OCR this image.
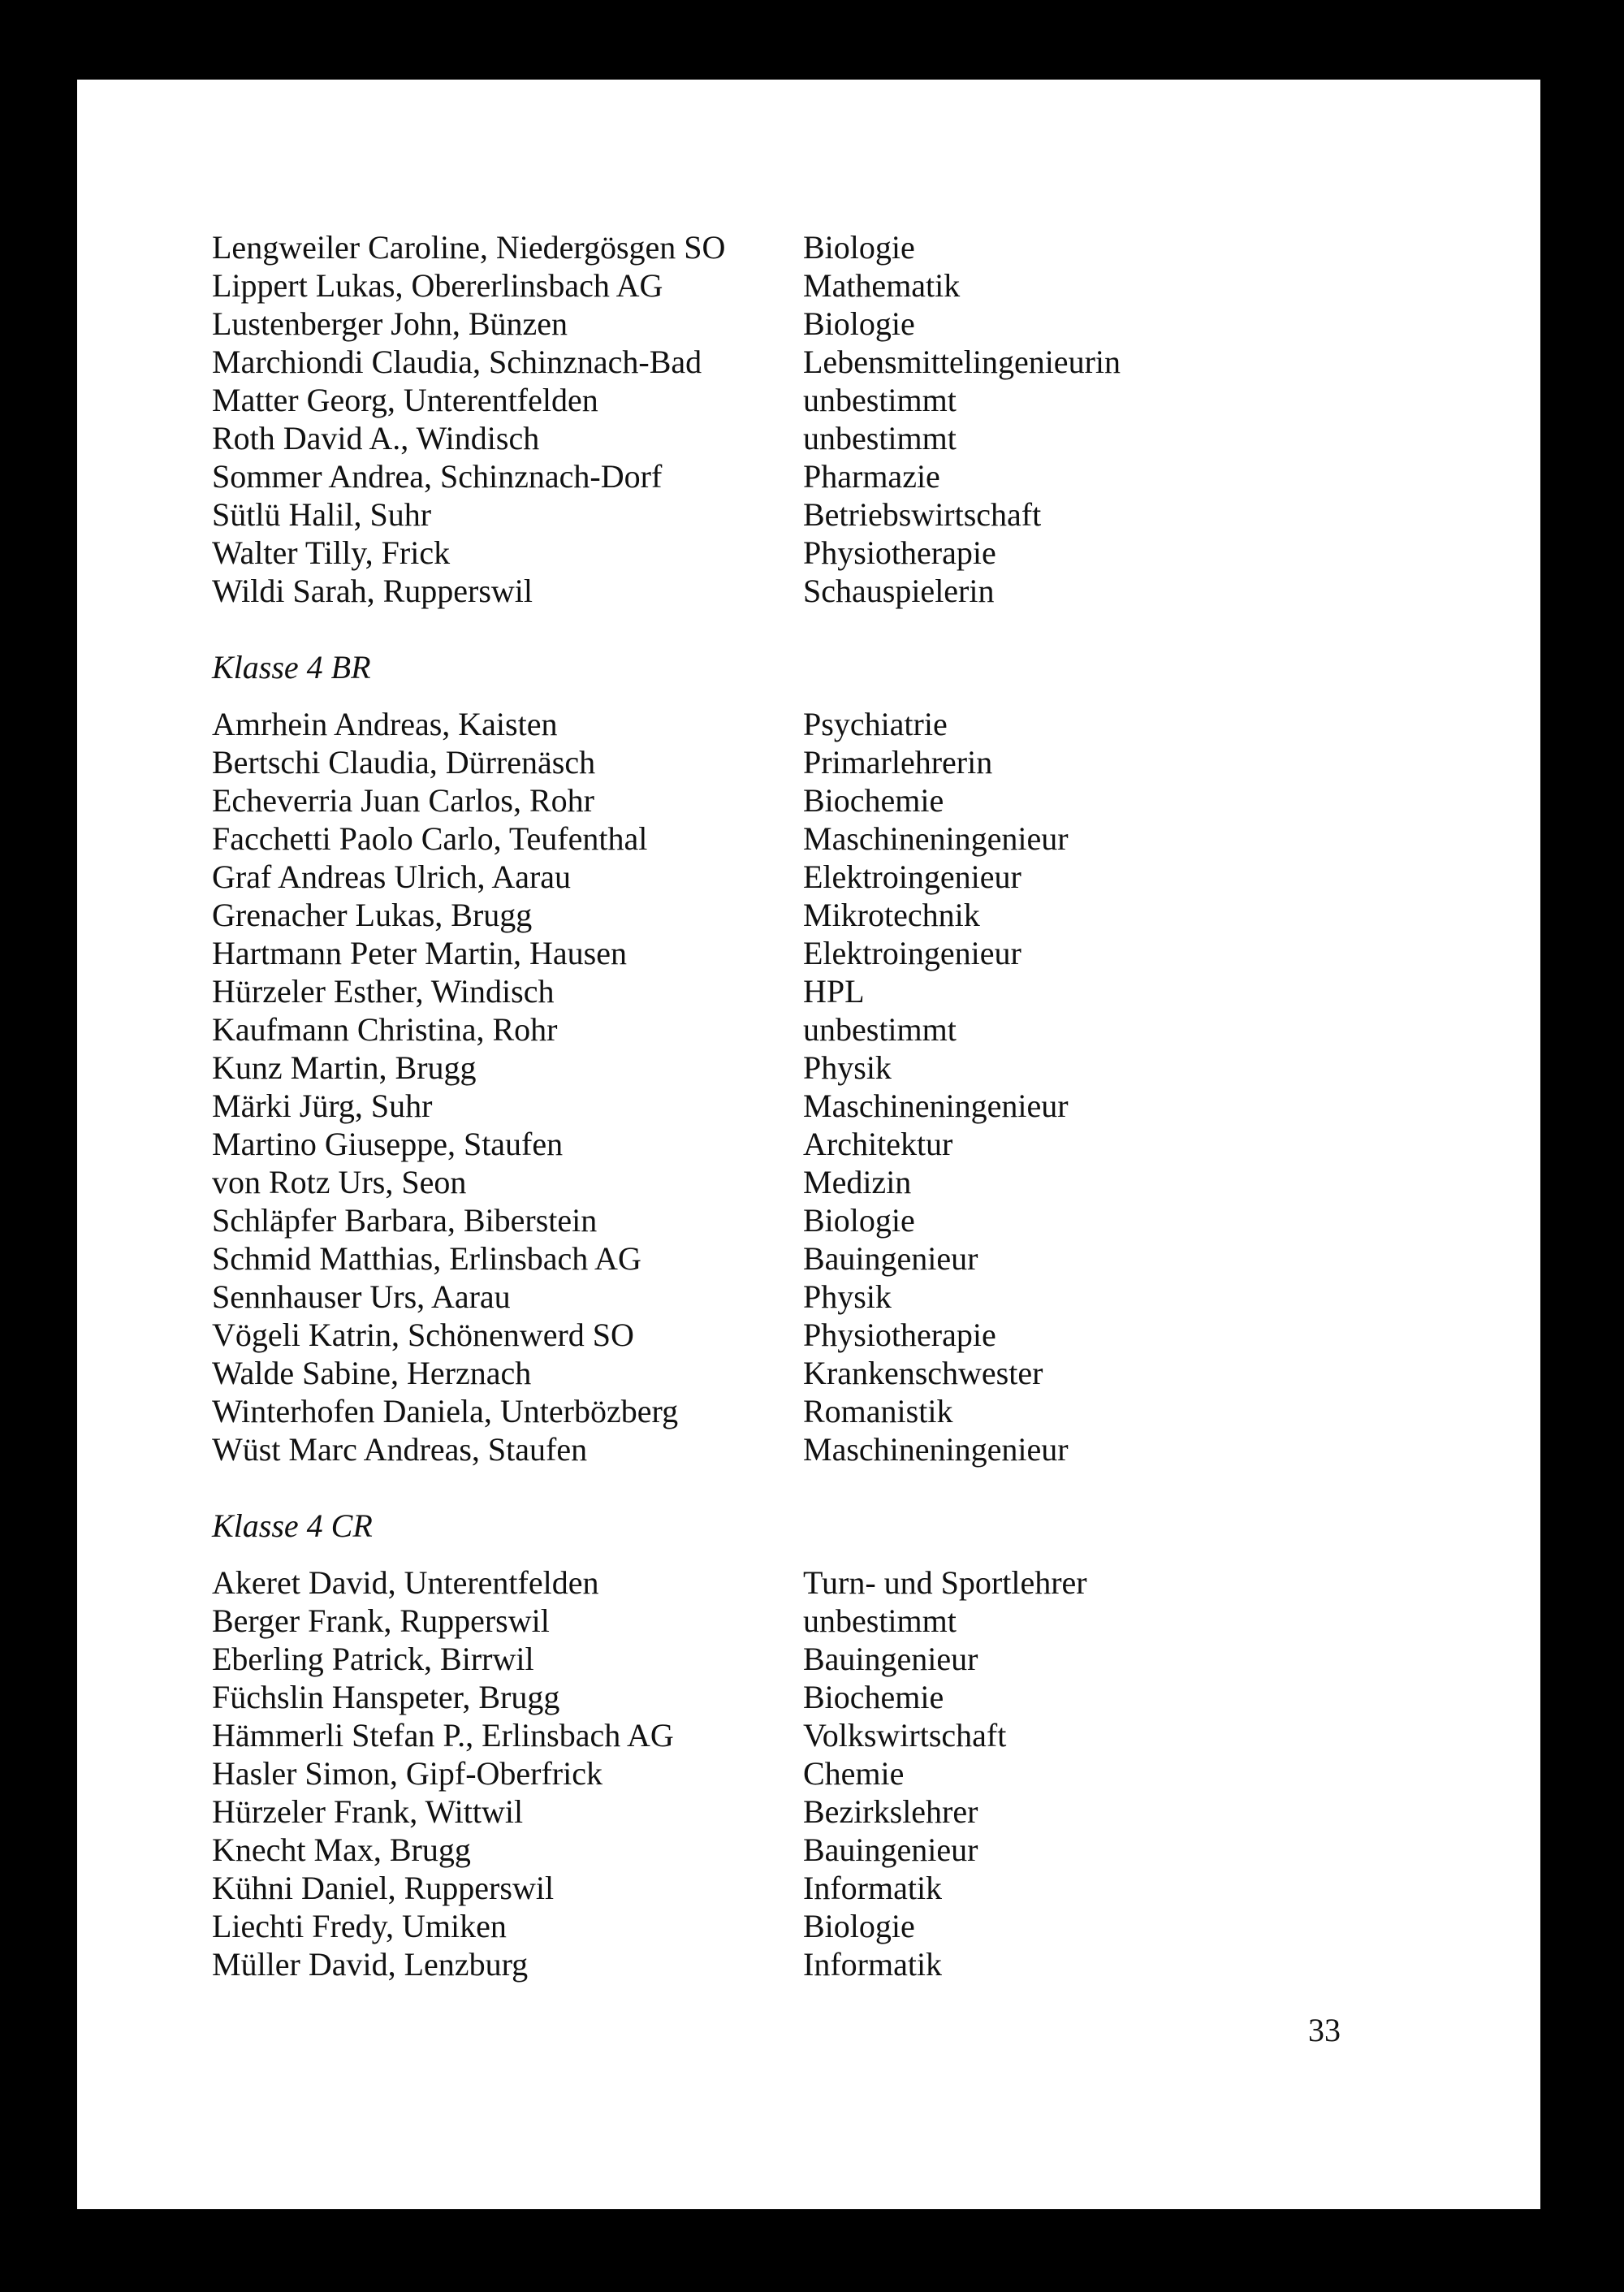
Lengweiler Caroline, Niedergösgen SO	Biologie
Lippert Lukas, Obererlinsbach AG	Mathematik
Lustenberger John, Bünzen	Biologie
Marchiondi Claudia, Schinznach-Bad	Lebensmittelingenieurin
Matter Georg, Unterentfelden	unbestimmt
Roth David A., Windisch	unbestimmt
Sommer Andrea, Schinznach-Dorf	Pharmazie
Sütlü Halil, Suhr	Betriebswirtschaft
Walter Tilly, Frick	Physiotherapie
Wildi Sarah, Rupperswil	Schauspielerin
Klasse 4 BR
Amrhein Andreas, Kaisten	Psychiatrie
Bertschi Claudia, Dürrenäsch	Primarlehrerin
Echeverria Juan Carlos, Rohr	Biochemie
Facchetti Paolo Carlo, Teufenthal	Maschineningenieur
Graf Andreas Ulrich, Aarau	Elektroingenieur
Grenacher Lukas, Brugg	Mikrotechnik
Hartmann Peter Martin, Hausen	Elektroingenieur
Hürzeler Esther, Windisch	HPL
Kaufmann Christina, Rohr	unbestimmt
Kunz Martin, Brugg	Physik
Märki Jürg, Suhr	Maschineningenieur
Martino Giuseppe, Staufen	Architektur
von Rotz Urs, Seon	Medizin
Schläpfer Barbara, Biberstein	Biologie
Schmid Matthias, Erlinsbach AG	Bauingenieur
Sennhauser Urs, Aarau	Physik
Vögeli Katrin, Schönenwerd SO	Physiotherapie
Walde Sabine, Herznach	Krankenschwester
Winterhofen Daniela, Unterbözberg	Romanistik
Wüst Marc Andreas, Staufen	Maschineningenieur
Klasse 4 CR
Akeret David, Unterentfelden	Turn- und Sportlehrer
Berger Frank, Rupperswil	unbestimmt
Eberling Patrick, Birrwil	Bauingenieur
Füchslin Hanspeter, Brugg	Biochemie
Hämmerli Stefan P., Erlinsbach AG	Volkswirtschaft
Hasler Simon, Gipf-Oberfrick	Chemie
Hürzeler Frank, Wittwil	Bezirkslehrer
Knecht Max, Brugg	Bauingenieur
Kühni Daniel, Rupperswil	Informatik
Liechti Fredy, Umiken	Biologie
Müller David, Lenzburg	Informatik
33
